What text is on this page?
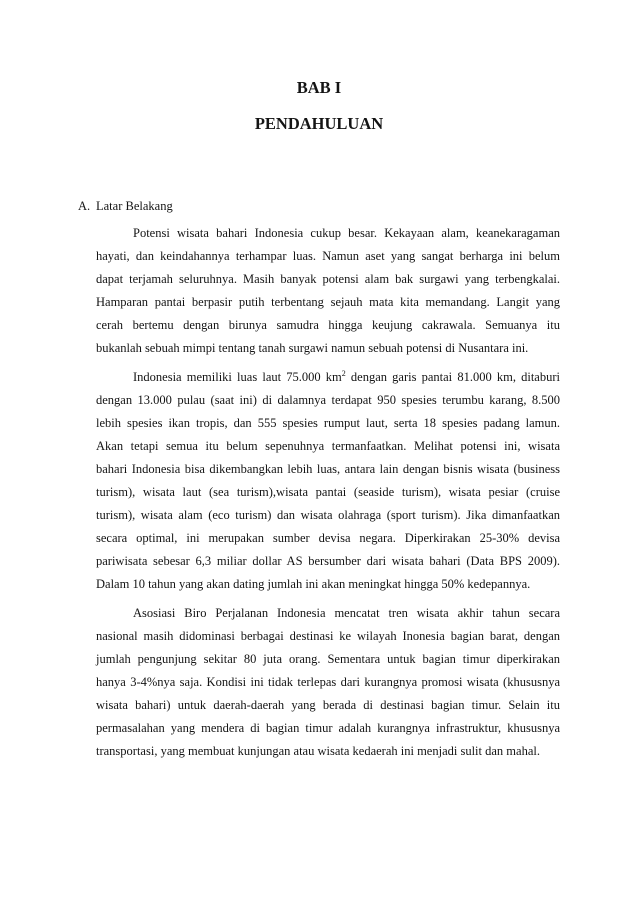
BAB I
PENDAHULUAN
A. Latar Belakang
Potensi wisata bahari Indonesia cukup besar. Kekayaan alam, keanekaragaman
hayati, dan keindahannya terhampar luas. Namun aset yang sangat berharga ini belum
dapat terjamah seluruhnya. Masih banyak potensi alam bak surgawi yang terbengkalai.
Hamparan pantai berpasir putih terbentang sejauh mata kita memandang. Langit yang
cerah bertemu dengan birunya samudra hingga keujung cakrawala. Semuanya itu
bukanlah sebuah mimpi tentang tanah surgawi namun sebuah potensi di Nusantara ini.
Indonesia memiliki luas laut 75.000 $km^2$ dengan garis pantai 81.000 km, ditaburi
dengan 13.000 pulau (saat ini) di dalamnya terdapat 950 spesies terumbu karang, 8.500
lebih spesies ikan tropis, dan 555 spesies rumput laut, serta 18 spesies padang lamun.
Akan tetapi semua itu belum sepenuhnya termanfaatkan. Melihat potensi ini, wisata
bahari Indonesia bisa dikembangkan lebih luas, antara lain dengan bisnis wisata (business
turism), wisata laut (sea turism),wisata pantai (seaside turism), wisata pesiar (cruise
turism), wisata alam (eco turism) dan wisata olahraga (sport turism). Jika dimanfaatkan
secara optimal, ini merupakan sumber devisa negara. Diperkirakan 25-30% devisa
pariwisata sebesar 6,3 miliar dollar AS bersumber dari wisata bahari (Data BPS 2009).
Dalam 10 tahun yang akan dating jumlah ini akan meningkat hingga 50% kedepannya.
Asosiasi Biro Perjalanan Indonesia mencatat tren wisata akhir tahun secara
nasional masih didominasi berbagai destinasi ke wilayah Inonesia bagian barat, dengan
jumlah pengunjung sekitar 80 juta orang. Sementara untuk bagian timur diperkirakan
hanya 3-4%nya saja. Kondisi ini tidak terlepas dari kurangnya promosi wisata (khususnya
wisata bahari) untuk daerah-daerah yang berada di destinasi bagian timur. Selain itu
permasalahan yang mendera di bagian timur adalah kurangnya infrastruktur, khususnya
transportasi, yang membuat kunjungan atau wisata kedaerah ini menjadi sulit dan mahal.
